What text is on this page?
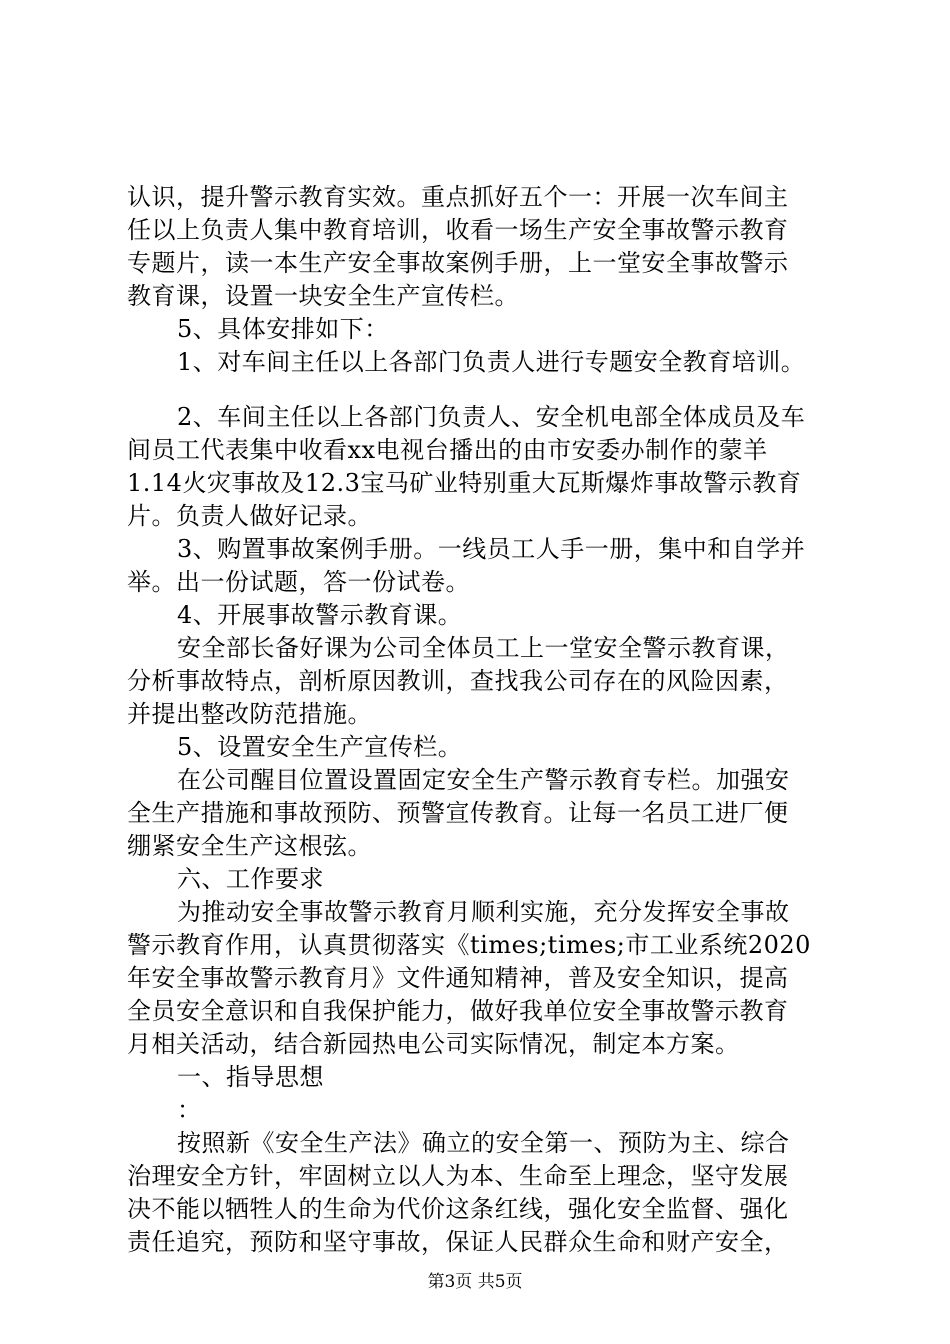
认识，提升警示教育实效。重点抓好五个一：开展一次车间主
任以上负责人集中教育培训，收看一场生产安全事故警示教育
专题片，读一本生产安全事故案例手册，上一堂安全事故警示
教育课，设置一块安全生产宣传栏。
5、具体安排如下：
1、对车间主任以上各部门负责人进行专题安全教育培训。
2、车间主任以上各部门负责人、安全机电部全体成员及车
间员工代表集中收看xx电视台播出的由市安委办制作的蒙羊
1.14火灾事故及12.3宝马矿业特别重大瓦斯爆炸事故警示教育
片。负责人做好记录。
3、购置事故案例手册。一线员工人手一册，集中和自学并
举。出一份试题，答一份试卷。
4、开展事故警示教育课。
安全部长备好课为公司全体员工上一堂安全警示教育课，
分析事故特点，剖析原因教训，查找我公司存在的风险因素，
并提出整改防范措施。
5、设置安全生产宣传栏。
在公司醒目位置设置固定安全生产警示教育专栏。加强安
全生产措施和事故预防、预警宣传教育。让每一名员工进厂便
绷紧安全生产这根弦。
六、工作要求
为推动安全事故警示教育月顺利实施，充分发挥安全事故
警示教育作用，认真贯彻落实《times;times;市工业系统2020
年安全事故警示教育月》文件通知精神，普及安全知识，提高
全员安全意识和自我保护能力，做好我单位安全事故警示教育
月相关活动，结合新园热电公司实际情况，制定本方案。
一、指导思想
：
按照新《安全生产法》确立的安全第一、预防为主、综合
治理安全方针，牢固树立以人为本、生命至上理念，坚守发展
决不能以牺牲人的生命为代价这条红线，强化安全监督、强化
责任追究，预防和坚守事故，保证人民群众生命和财产安全，
第3页 共5页
